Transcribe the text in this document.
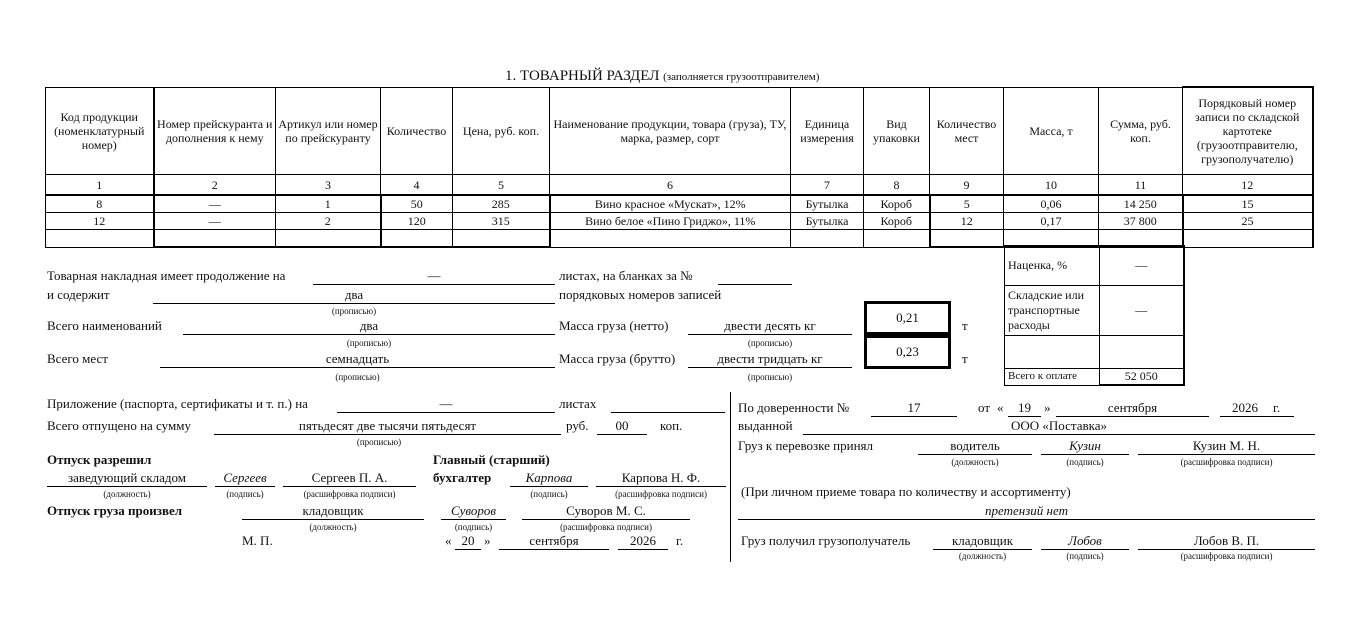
1. ТОВАРНЫЙ РАЗДЕЛ (заполняется грузоотправителем)
Код продукции (номенклатурный номер)	Номер прейскуранта и дополнения к нему	Артикул или номер по прейскуранту	Количество	Цена, руб. коп.	Наименование продукции, товара (груза), ТУ, марка, размер, сорт	Единица измерения	Вид упаковки	Количество мест	Масса, т	Сумма, руб. коп.	Порядковый номер записи по складской картотеке (грузоотправителю, грузополучателю)
1	2	3	4	5	6	7	8	9	10	11	12
8	—	1	50	285	Вино красное «Мускат», 12%	Бутылка	Короб	5	0,06	14 250	15
12	—	2	120	315	Вино белое «Пино Гриджо», 11%	Бутылка	Короб	12	0,17	37 800	25

Наценка, %	—
Складские или транспортные расходы	—

Всего к оплате	52 050
Товарная накладная имеет продолжение на	—	листах, на бланках за №
и содержит	два	порядковых номеров записей
(прописью)
Всего наименований	два
(прописью)
Масса груза (нетто)	двести десять кг
(прописью)
0,21
т
Всего мест	семнадцать
(прописью)
Масса груза (брутто)	двести тридцать кг
(прописью)
0,23	т
Приложение (паспорта, сертификаты и т. п.) на	—	листах
Всего отпущено на сумму	пятьдесят две тысячи пятьдесят
(прописью)
руб.	00	коп.
Отпуск разрешил
заведующий складом
(должность)
Сергеев
(подпись)
Сергеев П. А.
(расшифровка подписи)
Главный (старший)
бухгалтер	Карпова
(подпись)
Карпова Н. Ф.
(расшифровка подписи)
Отпуск груза произвел	кладовщик
(должность)
Суворов
(подпись)
Суворов М. С.
(расшифровка подписи)
М. П.	« 20 »	сентября	2026	г.
По доверенности №	17	от «	19	»	сентября	2026	г.
выданной	ООО «Поставка»
Груз к перевозке принял	водитель
(должность)
Кузин
(подпись)
Кузин М. Н.
(расшифровка подписи)
(При личном приеме товара по количеству и ассортименту)
претензий нет
Груз получил грузополучатель	кладовщик
(должность)
Лобов
(подпись)
Лобов В. П.
(расшифровка подписи)
